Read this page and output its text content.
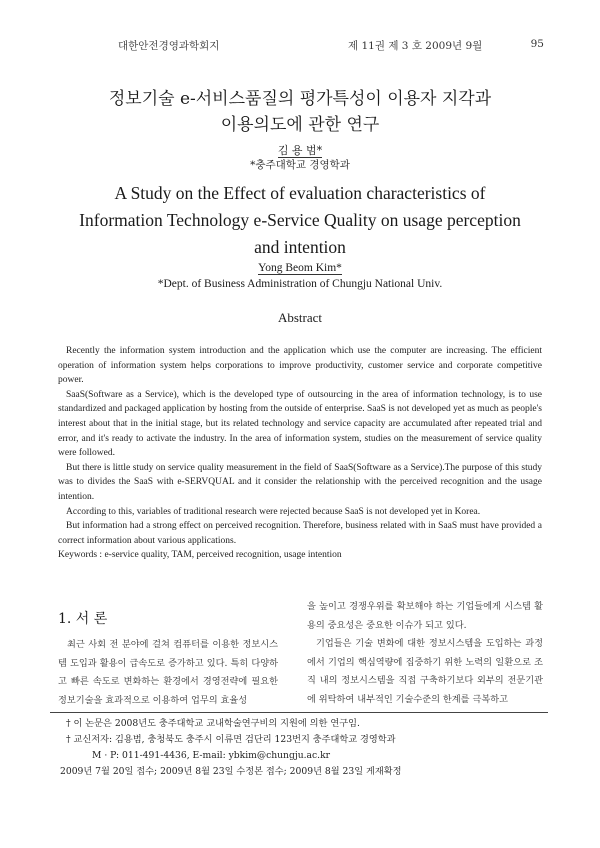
대한안전경영과학회지	제 11권 제 3 호 2009년 9월	95
정보기술 e-서비스품질의 평가특성이 이용자 지각과
이용의도에 관한 연구
김 용 범*
*충주대학교 경영학과
A Study on the Effect of evaluation characteristics of
Information Technology e-Service Quality on usage perception
and intention
Yong Beom Kim*
*Dept. of Business Administration of Chungju National Univ.
Abstract

Recently the information system introduction and the application which use the computer are increasing. The efficient operation of information system helps corporations to improve productivity, customer service and corporate competitive power.

SaaS(Software as a Service), which is the developed type of outsourcing in the area of information technology, is to use standardized and packaged application by hosting from the outside of enterprise. SaaS is not developed yet as much as people's interest about that in the initial stage, but its related technology and service capacity are accumulated after repeated trial and error, and it's ready to activate the industry. In the area of information system, studies on the measurement of service quality were followed.

But there is little study on service quality measurement in the field of SaaS(Software as a Service).The purpose of this study was to divides the SaaS with e-SERVQUAL and it consider the relationship with the perceived recognition and the usage intention.

According to this, variables of traditional research were rejected because SaaS is not developed yet in Korea.

But information had a strong effect on perceived recognition. Therefore, business related with in SaaS must have provided a correct information about various applications.

Keywords : e-service quality, TAM, perceived recognition, usage intention

1. 서 론

최근 사회 전 분야에 걸쳐 컴퓨터를 이용한 정보시스템 도입과 활용이 급속도로 증가하고 있다. 특히 다양하고 빠른 속도로 변화하는 환경에서 경영전략에 필요한 정보기술을 효과적으로 이용하여 업무의 효율성

을 높이고 경쟁우위를 확보해야 하는 기업들에게 시스템 활용의 중요성은 중요한 이슈가 되고 있다.

기업들은 기술 변화에 대한 정보시스템을 도입하는 과정에서 기업의 핵심역량에 집중하기 위한 노력의 일환으로 조직 내의 정보시스템을 직접 구축하기보다 외부의 전문기관에 위탁하여 내부적인 기술수준의 한계를 극복하고

† 이 논문은 2008년도 충주대학교 교내학술연구비의 지원에 의한 연구임.
† 교신저자: 김용범, 충청북도 충주시 이류면 검단리 123번지 충주대학교 경영학과
M · P: 011-491-4436, E-mail: ybkim@chungju.ac.kr
2009년 7월 20일 접수; 2009년 8월 23일 수정본 접수; 2009년 8월 23일 게재확정
